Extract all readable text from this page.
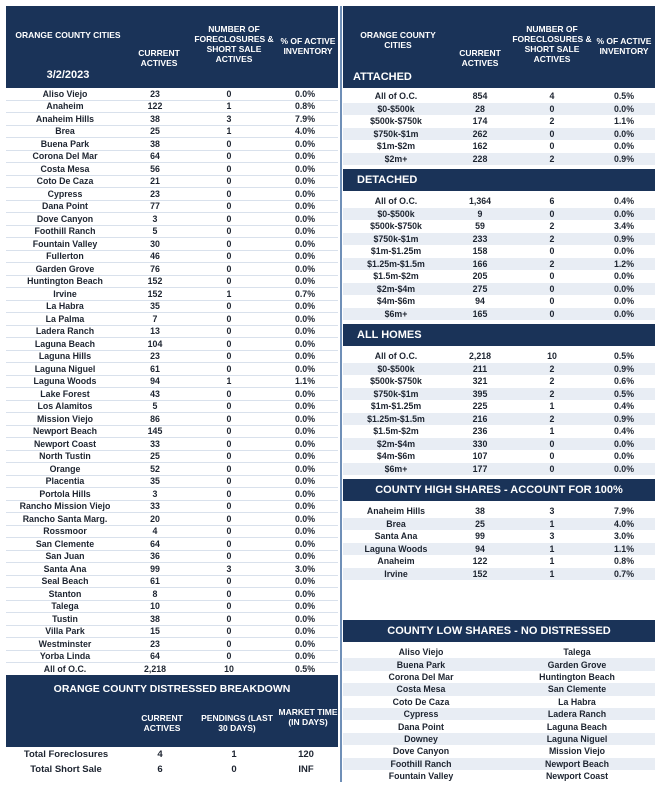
ORANGE COUNTY CITIES
3/2/2023
CURRENT ACTIVES
NUMBER OF FORECLOSURES & SHORT SALE ACTIVES
% OF ACTIVE INVENTORY
Aliso Viejo	23	0	0.0%
Anaheim	122	1	0.8%
Anaheim Hills	38	3	7.9%
Brea	25	1	4.0%
Buena Park	38	0	0.0%
Corona Del Mar	64	0	0.0%
Costa Mesa	56	0	0.0%
Coto De Caza	21	0	0.0%
Cypress	23	0	0.0%
Dana Point	77	0	0.0%
Dove Canyon	3	0	0.0%
Foothill Ranch	5	0	0.0%
Fountain Valley	30	0	0.0%
Fullerton	46	0	0.0%
Garden Grove	76	0	0.0%
Huntington Beach	152	0	0.0%
Irvine	152	1	0.7%
La Habra	35	0	0.0%
La Palma	7	0	0.0%
Ladera Ranch	13	0	0.0%
Laguna Beach	104	0	0.0%
Laguna Hills	23	0	0.0%
Laguna Niguel	61	0	0.0%
Laguna Woods	94	1	1.1%
Lake Forest	43	0	0.0%
Los Alamitos	5	0	0.0%
Mission Viejo	86	0	0.0%
Newport Beach	145	0	0.0%
Newport Coast	33	0	0.0%
North Tustin	25	0	0.0%
Orange	52	0	0.0%
Placentia	35	0	0.0%
Portola Hills	3	0	0.0%
Rancho Mission Viejo	33	0	0.0%
Rancho Santa Marg.	20	0	0.0%
Rossmoor	4	0	0.0%
San Clemente	64	0	0.0%
San Juan	36	0	0.0%
Santa Ana	99	3	3.0%
Seal Beach	61	0	0.0%
Stanton	8	0	0.0%
Talega	10	0	0.0%
Tustin	38	0	0.0%
Villa Park	15	0	0.0%
Westminster	23	0	0.0%
Yorba Linda	64	0	0.0%
All of O.C.	2,218	10	0.5%
ORANGE COUNTY DISTRESSED BREAKDOWN
CURRENT ACTIVES
PENDINGS (LAST 30 DAYS)
MARKET TIME (IN DAYS)
Total Foreclosures	4	1	120
Total Short Sale	6	0	INF
ORANGE COUNTY CITIES
ATTACHED
CURRENT ACTIVES
NUMBER OF FORECLOSURES & SHORT SALE ACTIVES
% OF ACTIVE INVENTORY
All of O.C.	854	4	0.5%
$0-$500k	28	0	0.0%
$500k-$750k	174	2	1.1%
$750k-$1m	262	0	0.0%
$1m-$2m	162	0	0.0%
$2m+	228	2	0.9%
DETACHED
All of O.C.	1,364	6	0.4%
$0-$500k	9	0	0.0%
$500k-$750k	59	2	3.4%
$750k-$1m	233	2	0.9%
$1m-$1.25m	158	0	0.0%
$1.25m-$1.5m	166	2	1.2%
$1.5m-$2m	205	0	0.0%
$2m-$4m	275	0	0.0%
$4m-$6m	94	0	0.0%
$6m+	165	0	0.0%
ALL HOMES
All of O.C.	2,218	10	0.5%
$0-$500k	211	2	0.9%
$500k-$750k	321	2	0.6%
$750k-$1m	395	2	0.5%
$1m-$1.25m	225	1	0.4%
$1.25m-$1.5m	216	2	0.9%
$1.5m-$2m	236	1	0.4%
$2m-$4m	330	0	0.0%
$4m-$6m	107	0	0.0%
$6m+	177	0	0.0%
COUNTY HIGH SHARES - ACCOUNT FOR 100%
Anaheim Hills	38	3	7.9%
Brea	25	1	4.0%
Santa Ana	99	3	3.0%
Laguna Woods	94	1	1.1%
Anaheim	122	1	0.8%
Irvine	152	1	0.7%
COUNTY LOW SHARES - NO DISTRESSED
Aliso Viejo	Talega
Buena Park	Garden Grove
Corona Del Mar	Huntington Beach
Costa Mesa	San Clemente
Coto De Caza	La Habra
Cypress	Ladera Ranch
Dana Point	Laguna Beach
Downey	Laguna Niguel
Dove Canyon	Mission Viejo
Foothill Ranch	Newport Beach
Fountain Valley	Newport Coast
